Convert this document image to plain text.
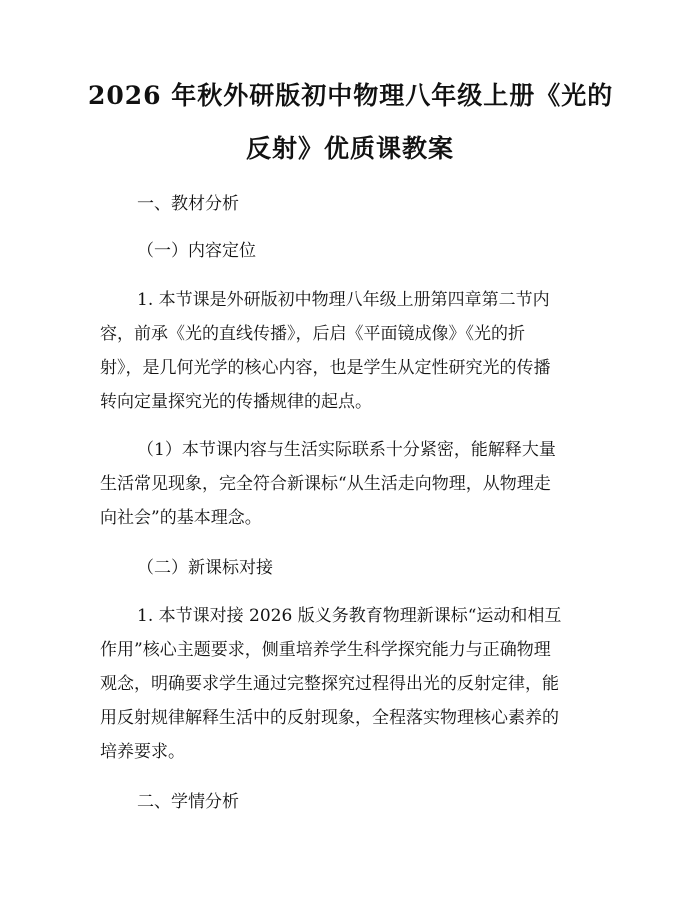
2026 年秋外研版初中物理八年级上册《光的
反射》优质课教案
一、教材分析
（一）内容定位
1. 本节课是外研版初中物理八年级上册第四章第二节内
容，前承《光的直线传播》，后启《平面镜成像》《光的折
射》，是几何光学的核心内容，也是学生从定性研究光的传播
转向定量探究光的传播规律的起点。
（1）本节课内容与生活实际联系十分紧密，能解释大量
生活常见现象，完全符合新课标“从生活走向物理，从物理走
向社会”的基本理念。
（二）新课标对接
1. 本节课对接 2026 版义务教育物理新课标“运动和相互
作用”核心主题要求，侧重培养学生科学探究能力与正确物理
观念，明确要求学生通过完整探究过程得出光的反射定律，能
用反射规律解释生活中的反射现象，全程落实物理核心素养的
培养要求。
二、学情分析
